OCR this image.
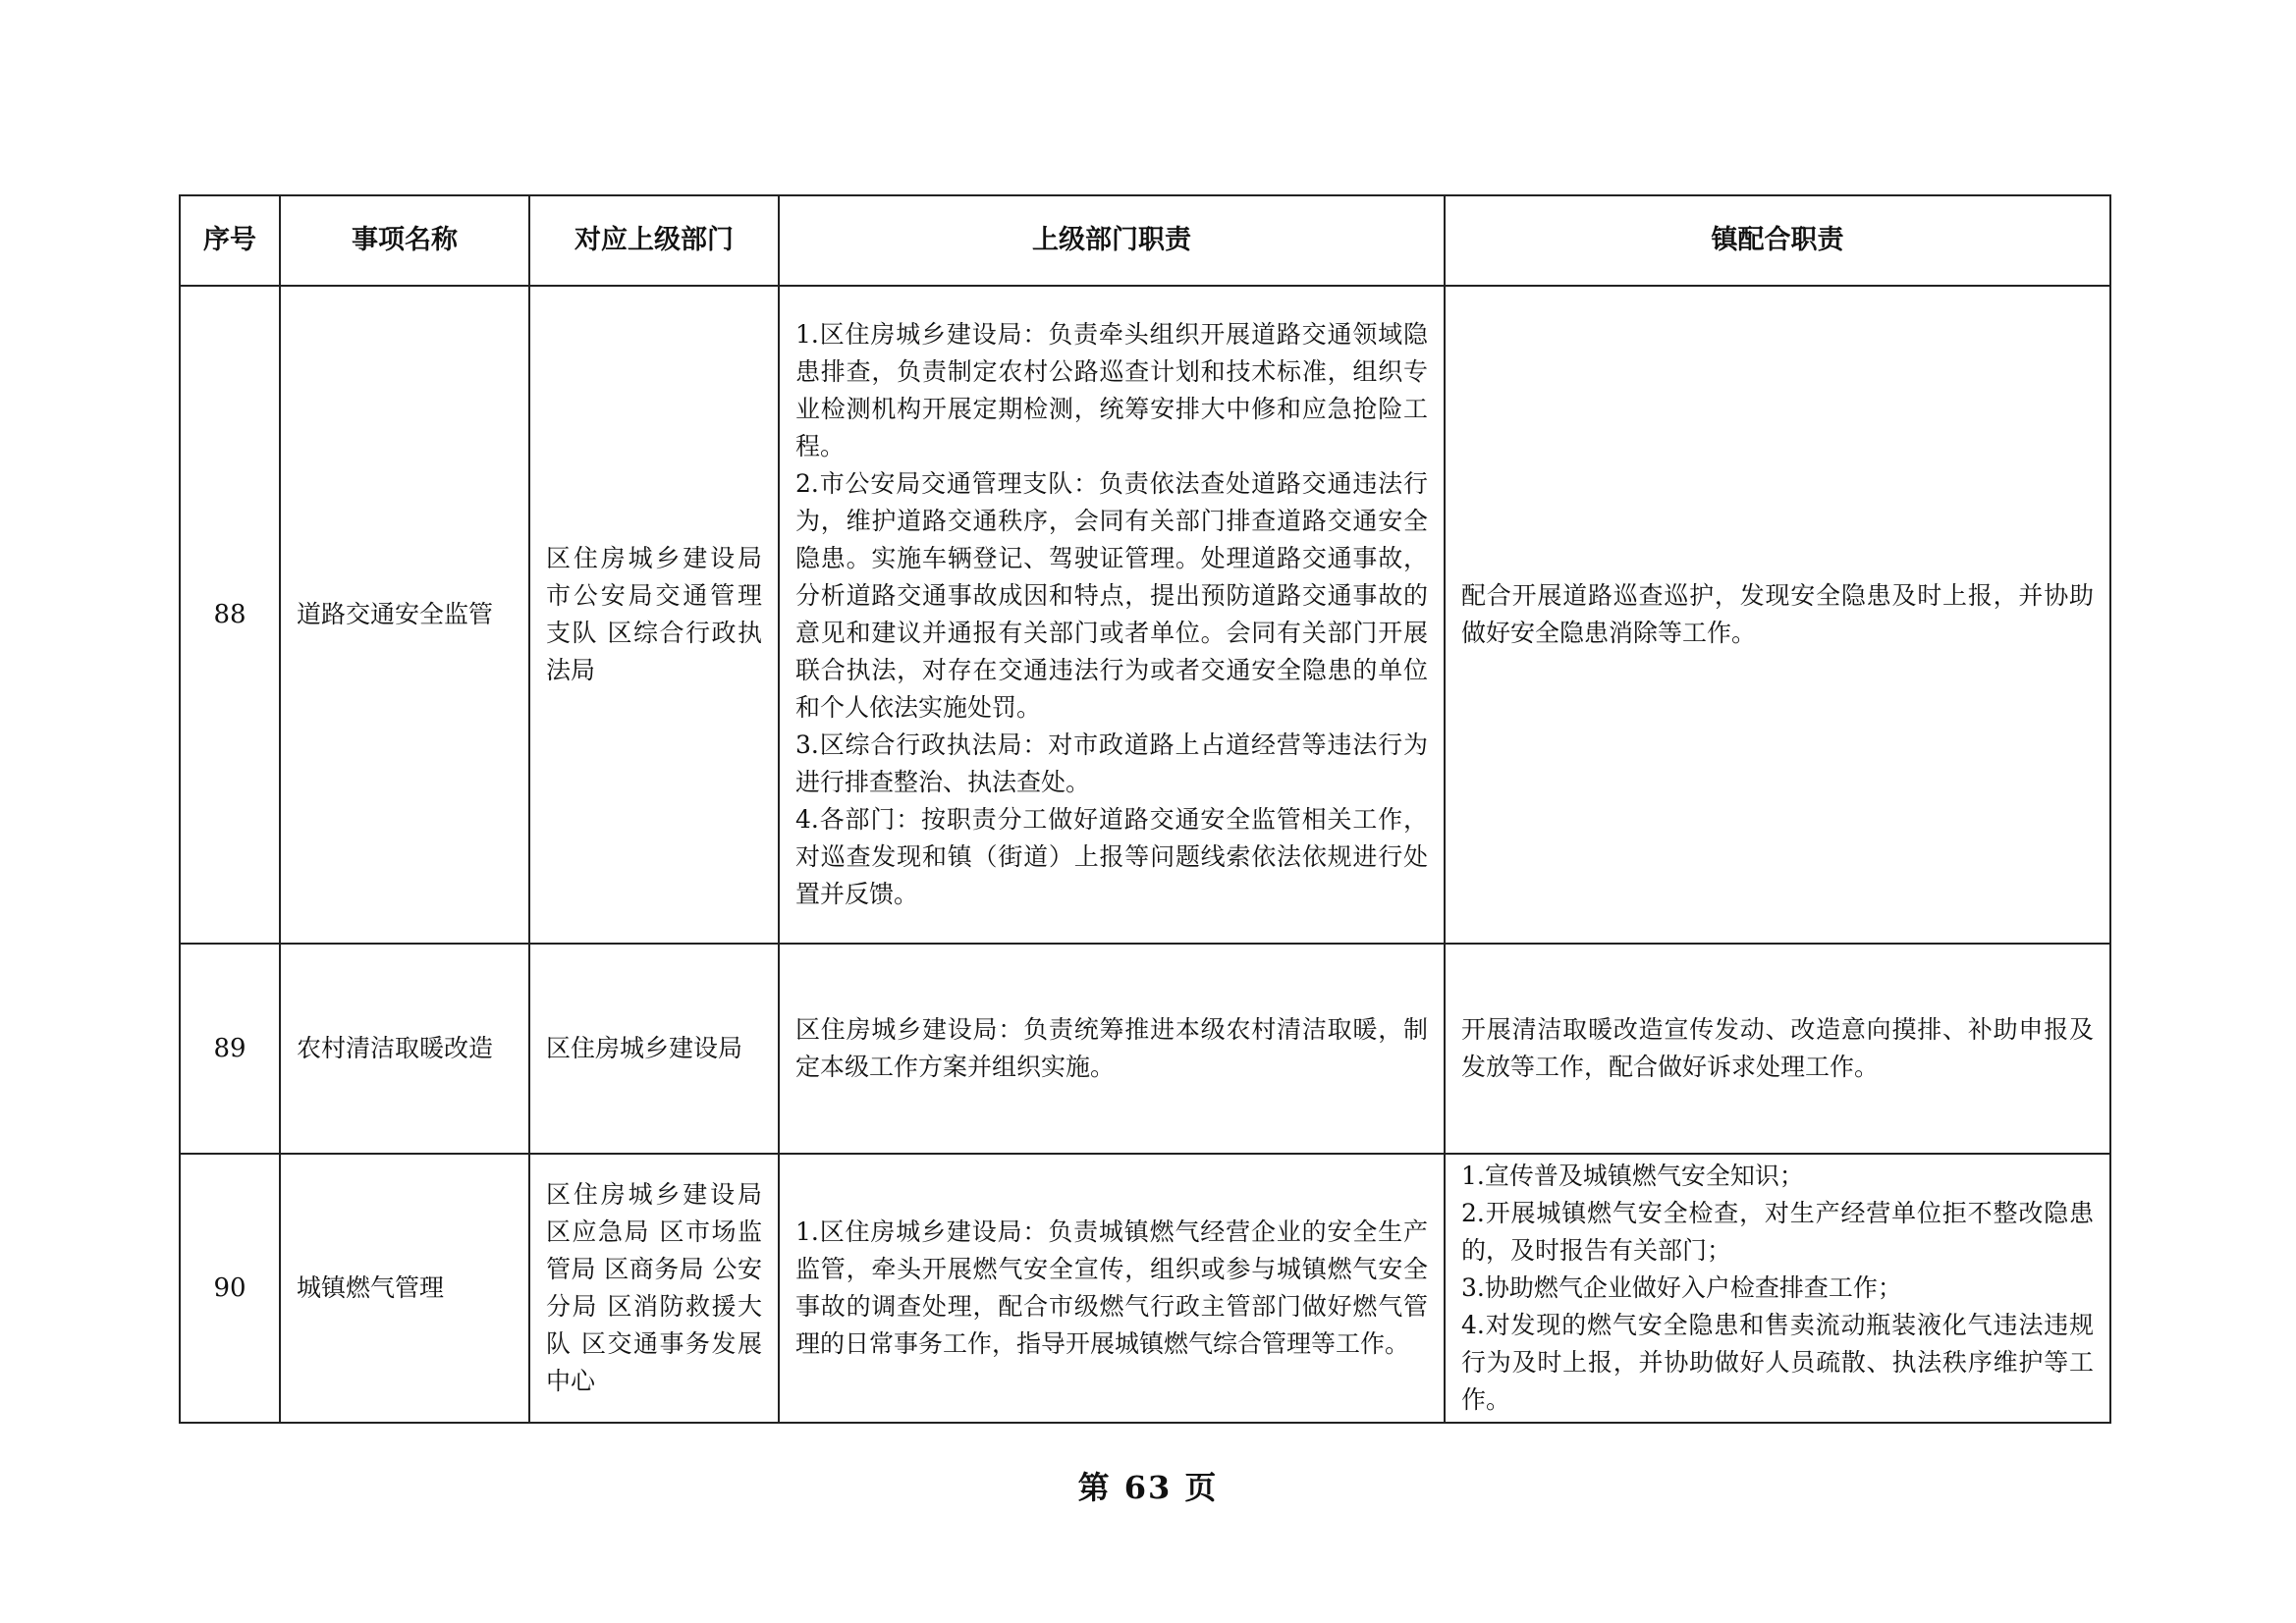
序号	事项名称	对应上级部门	上级部门职责	镇配合职责
88	道路交通安全监管	区住房城乡建设局 市公安局交通管理支队 区综合行政执法局	1.区住房城乡建设局：负责牵头组织开展道路交通领域隐患排查，负责制定农村公路巡查计划和技术标准，组织专业检测机构开展定期检测，统筹安排大中修和应急抢险工程。
2.市公安局交通管理支队：负责依法查处道路交通违法行为，维护道路交通秩序，会同有关部门排查道路交通安全隐患。实施车辆登记、驾驶证管理。处理道路交通事故，分析道路交通事故成因和特点，提出预防道路交通事故的意见和建议并通报有关部门或者单位。会同有关部门开展联合执法，对存在交通违法行为或者交通安全隐患的单位和个人依法实施处罚。
3.区综合行政执法局：对市政道路上占道经营等违法行为进行排查整治、执法查处。
4.各部门：按职责分工做好道路交通安全监管相关工作，对巡查发现和镇（街道）上报等问题线索依法依规进行处置并反馈。	配合开展道路巡查巡护，发现安全隐患及时上报，并协助做好安全隐患消除等工作。

89	农村清洁取暖改造	区住房城乡建设局	区住房城乡建设局：负责统筹推进本级农村清洁取暖，制定本级工作方案并组织实施。	开展清洁取暖改造宣传发动、改造意向摸排、补助申报及发放等工作，配合做好诉求处理工作。

90	城镇燃气管理	区住房城乡建设局 区应急局 区市场监管局 区商务局 公安分局 区消防救援大队 区交通事务发展中心	1.区住房城乡建设局：负责城镇燃气经营企业的安全生产监管，牵头开展燃气安全宣传，组织或参与城镇燃气安全事故的调查处理，配合市级燃气行政主管部门做好燃气管理的日常事务工作，指导开展城镇燃气综合管理等工作。	1.宣传普及城镇燃气安全知识；
2.开展城镇燃气安全检查，对生产经营单位拒不整改隐患的，及时报告有关部门；
3.协助燃气企业做好入户检查排查工作；
4.对发现的燃气安全隐患和售卖流动瓶装液化气违法违规行为及时上报，并协助做好人员疏散、执法秩序维护等工作。
第 63 页
